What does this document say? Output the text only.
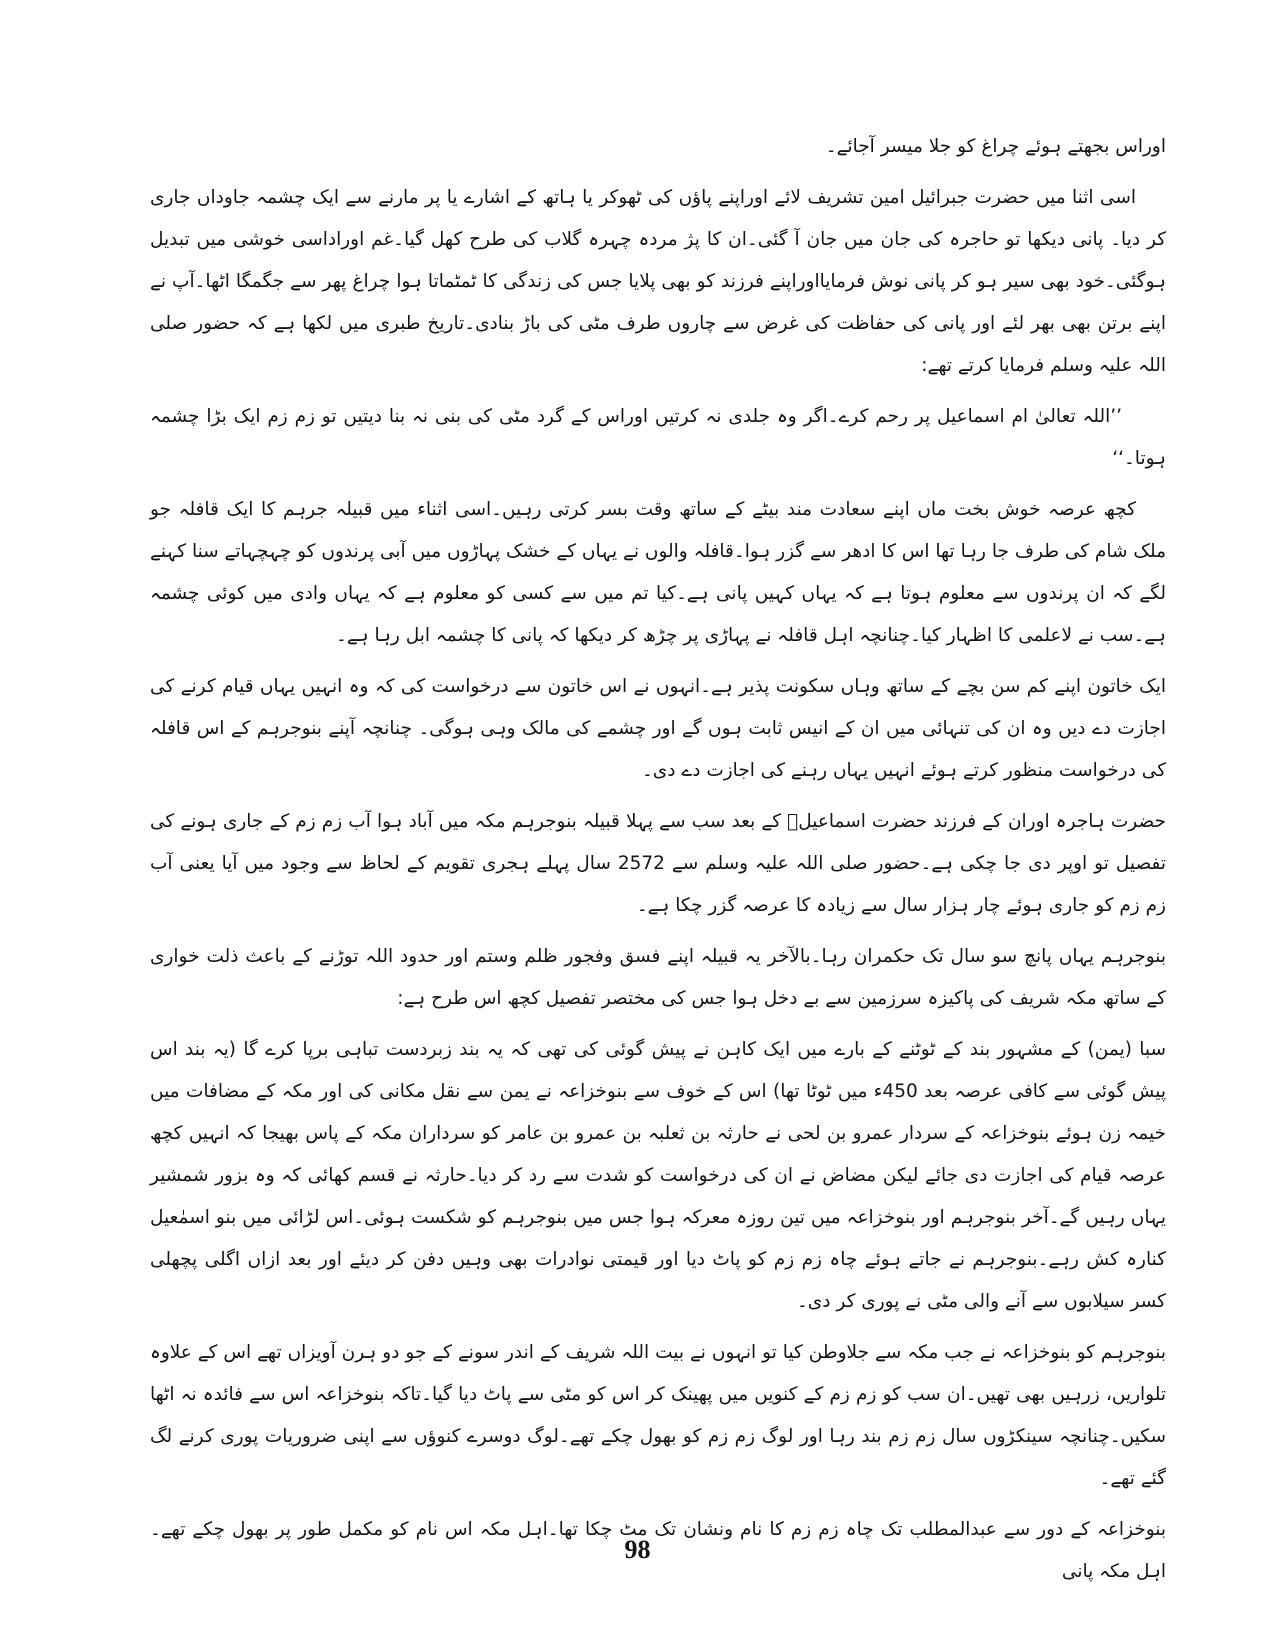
اوراس بجھتے ہوئے چراغ کو جلا میسر آجائے۔

اسی اثنا میں حضرت جبرائیل امین تشریف لائے اوراپنے پاؤں کی ٹھوکر یا ہاتھ کے اشارے یا پر مارنے سے ایک چشمہ جاوداں جاری کر دیا۔ پانی دیکھا تو حاجرہ کی جان میں جان آ گئی۔ان کا پژ مردہ چہرہ گلاب کی طرح کھل گیا۔غم اوراداسی خوشی میں تبدیل ہوگئی۔خود بھی سیر ہو کر پانی نوش فرمایااوراپنے فرزند کو بھی پلایا جس کی زندگی کا ٹمٹماتا ہوا چراغ پھر سے جگمگا اٹھا۔آپ نے اپنے برتن بھی بھر لئے اور پانی کی حفاظت کی غرض سے چاروں طرف مٹی کی باڑ بنادی۔تاریخ طبری میں لکھا ہے کہ حضور صلی اللہ علیہ وسلم فرمایا کرتے تھے:

’’اللہ تعالیٰ ام اسماعیل پر رحم کرے۔اگر وہ جلدی نہ کرتیں اوراس کے گرد مٹی کی بنی نہ بنا دیتیں تو زم زم ایک بڑا چشمہ ہوتا۔‘‘

کچھ عرصہ خوش بخت ماں اپنے سعادت مند بیٹے کے ساتھ وقت بسر کرتی رہیں۔اسی اثناء میں قبیلہ جرہم کا ایک قافلہ جو ملک شام کی طرف جا رہا تھا اس کا ادھر سے گزر ہوا۔قافلہ والوں نے یہاں کے خشک پہاڑوں میں آبی پرندوں کو چہچہاتے سنا کہنے لگے کہ ان پرندوں سے معلوم ہوتا ہے کہ یہاں کہیں پانی ہے۔کیا تم میں سے کسی کو معلوم ہے کہ یہاں وادی میں کوئی چشمہ ہے۔سب نے لاعلمی کا اظہار کیا۔چنانچہ اہل قافلہ نے پہاڑی پر چڑھ کر دیکھا کہ پانی کا چشمہ ابل رہا ہے۔

ایک خاتون اپنے کم سن بچے کے ساتھ وہاں سکونت پذیر ہے۔انہوں نے اس خاتون سے درخواست کی کہ وہ انہیں یہاں قیام کرنے کی اجازت دے دیں وہ ان کی تنہائی میں ان کے انیس ثابت ہوں گے اور چشمے کی مالک وہی ہوگی۔ چنانچہ آپنے بنوجرہم کے اس قافلہ کی درخواست منظور کرتے ہوئے انہیں یہاں رہنے کی اجازت دے دی۔

حضرت ہاجرہ اوران کے فرزند حضرت اسماعیلؑ کے بعد سب سے پہلا قبیلہ بنوجرہم مکہ میں آباد ہوا آب زم زم کے جاری ہونے کی تفصیل تو اوپر دی جا چکی ہے۔حضور صلی اللہ علیہ وسلم سے 2572 سال پہلے ہجری تقویم کے لحاظ سے وجود میں آیا یعنی آب زم زم کو جاری ہوئے چار ہزار سال سے زیادہ کا عرصہ گزر چکا ہے۔

بنوجرہم یہاں پانچ سو سال تک حکمران رہا۔بالآخر یہ قبیلہ اپنے فسق وفجور ظلم وستم اور حدود اللہ توڑنے کے باعث ذلت خواری کے ساتھ مکہ شریف کی پاکیزہ سرزمین سے بے دخل ہوا جس کی مختصر تفصیل کچھ اس طرح ہے:

سبا (یمن) کے مشہور بند کے ٹوٹنے کے بارے میں ایک کاہن نے پیش گوئی کی تھی کہ یہ بند زبردست تباہی برپا کرے گا (یہ بند اس پیش گوئی سے کافی عرصہ بعد 450ء میں ٹوٹا تھا) اس کے خوف سے بنوخزاعہ نے یمن سے نقل مکانی کی اور مکہ کے مضافات میں خیمہ زن ہوئے بنوخزاعہ کے سردار عمرو بن لحی نے حارثہ بن ثعلبہ بن عمرو بن عامر کو سرداران مکہ کے پاس بھیجا کہ انہیں کچھ عرصہ قیام کی اجازت دی جائے لیکن مضاض نے ان کی درخواست کو شدت سے رد کر دیا۔حارثہ نے قسم کھائی کہ وہ بزور شمشیر یہاں رہیں گے۔آخر بنوجرہم اور بنوخزاعہ میں تین روزہ معرکہ ہوا جس میں بنوجرہم کو شکست ہوئی۔اس لڑائی میں بنو اسمٰعیل کنارہ کش رہے۔بنوجرہم نے جاتے ہوئے چاہ زم زم کو پاٹ دیا اور قیمتی نوادرات بھی وہیں دفن کر دیئے اور بعد ازاں اگلی پچھلی کسر سیلابوں سے آنے والی مٹی نے پوری کر دی۔

بنوجرہم کو بنوخزاعہ نے جب مکہ سے جلاوطن کیا تو انہوں نے بیت اللہ شریف کے اندر سونے کے جو دو ہرن آویزاں تھے اس کے علاوہ تلواریں، زرہیں بھی تھیں۔ان سب کو زم زم کے کنویں میں پھینک کر اس کو مٹی سے پاٹ دیا گیا۔تاکہ بنوخزاعہ اس سے فائدہ نہ اٹھا سکیں۔چنانچہ سینکڑوں سال زم زم بند رہا اور لوگ زم زم کو بھول چکے تھے۔لوگ دوسرے کنوؤں سے اپنی ضروریات پوری کرنے لگ گئے تھے۔

بنوخزاعہ کے دور سے عبدالمطلب تک چاہ زم زم کا نام ونشان تک مٹ چکا تھا۔اہل مکہ اس نام کو مکمل طور پر بھول چکے تھے۔اہل مکہ پانی

98
